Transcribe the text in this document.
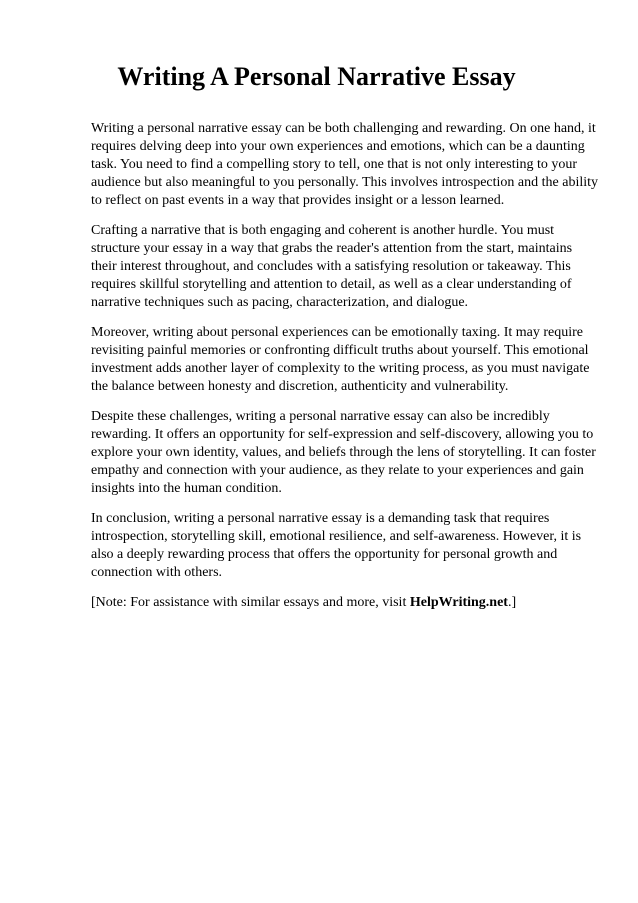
Writing A Personal Narrative Essay

Writing a personal narrative essay can be both challenging and rewarding. On one hand, it requires delving deep into your own experiences and emotions, which can be a daunting task. You need to find a compelling story to tell, one that is not only interesting to your audience but also meaningful to you personally. This involves introspection and the ability to reflect on past events in a way that provides insight or a lesson learned.

Crafting a narrative that is both engaging and coherent is another hurdle. You must structure your essay in a way that grabs the reader's attention from the start, maintains their interest throughout, and concludes with a satisfying resolution or takeaway. This requires skillful storytelling and attention to detail, as well as a clear understanding of narrative techniques such as pacing, characterization, and dialogue.

Moreover, writing about personal experiences can be emotionally taxing. It may require revisiting painful memories or confronting difficult truths about yourself. This emotional investment adds another layer of complexity to the writing process, as you must navigate the balance between honesty and discretion, authenticity and vulnerability.

Despite these challenges, writing a personal narrative essay can also be incredibly rewarding. It offers an opportunity for self-expression and self-discovery, allowing you to explore your own identity, values, and beliefs through the lens of storytelling. It can foster empathy and connection with your audience, as they relate to your experiences and gain insights into the human condition.

In conclusion, writing a personal narrative essay is a demanding task that requires introspection, storytelling skill, emotional resilience, and self-awareness. However, it is also a deeply rewarding process that offers the opportunity for personal growth and connection with others.

[Note: For assistance with similar essays and more, visit HelpWriting.net.]
